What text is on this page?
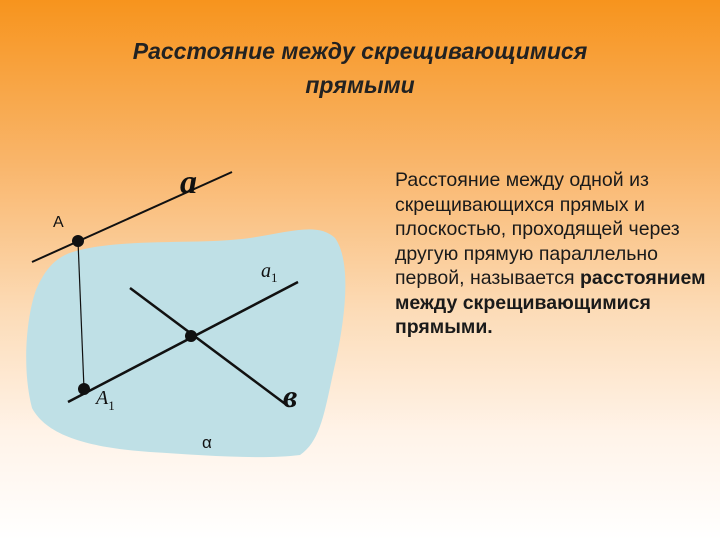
Расстояние между скрещивающимися
прямыми
А
a
$a_1$
$A_1$	в
α
Расстояние между одной из скрещивающихся прямых и плоскостью, проходящей через другую прямую параллельно первой, называется расстоянием между скрещивающимися прямыми.
